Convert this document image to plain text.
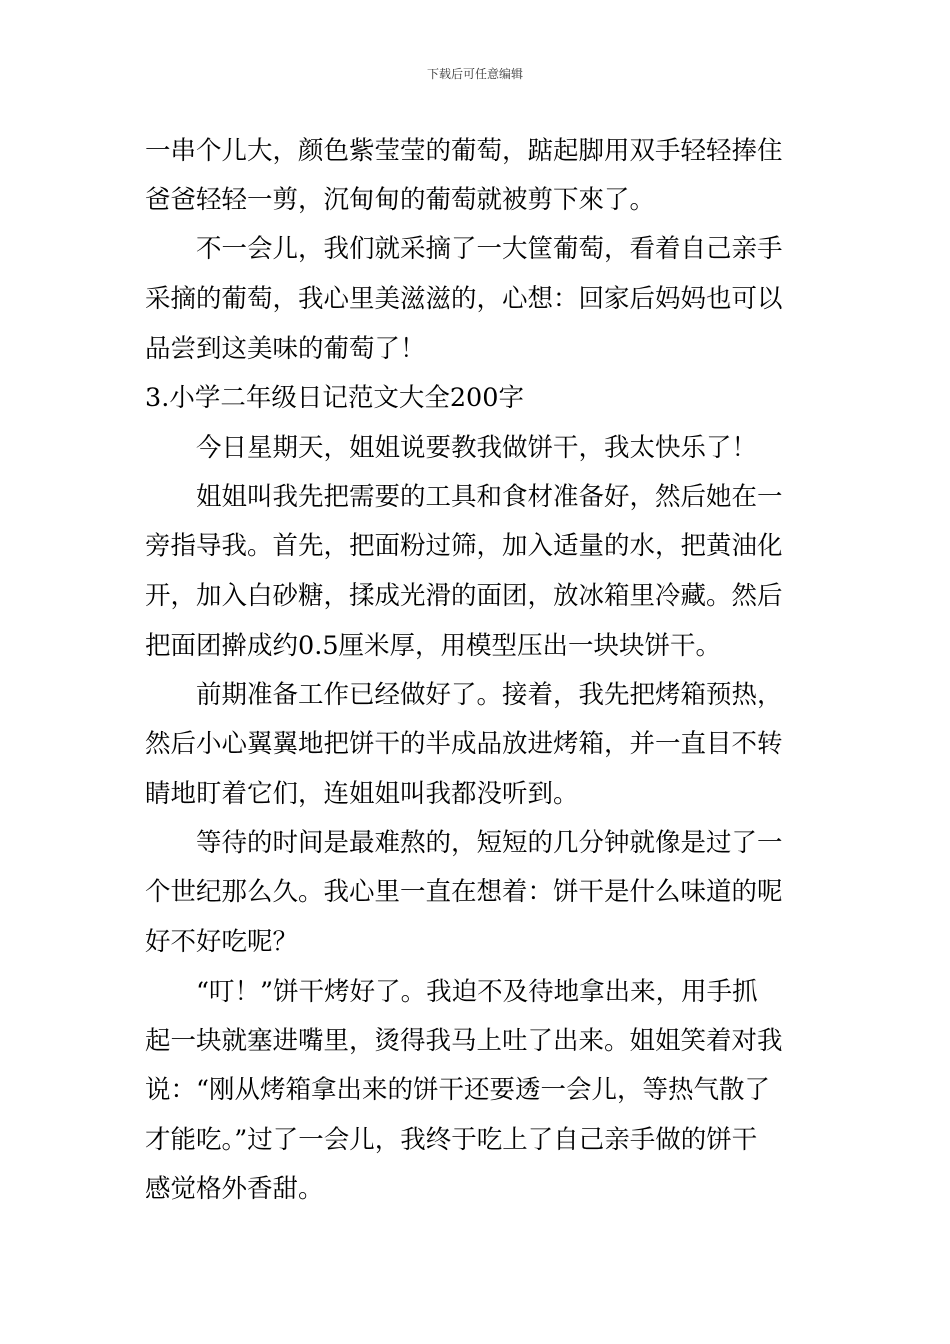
下载后可任意编辑
一串个儿大，颜色紫莹莹的葡萄，踮起脚用双手轻轻捧住
爸爸轻轻一剪，沉甸甸的葡萄就被剪下來了。
　　不一会儿，我们就采摘了一大筐葡萄，看着自己亲手
采摘的葡萄，我心里美滋滋的，心想：回家后妈妈也可以
品尝到这美味的葡萄了！
3.小学二年级日记范文大全200字
　　今日星期天，姐姐说要教我做饼干，我太快乐了！
　　姐姐叫我先把需要的工具和食材准备好，然后她在一
旁指导我。首先，把面粉过筛，加入适量的水，把黄油化
开，加入白砂糖，揉成光滑的面团，放冰箱里冷藏。然后
把面团擀成约0.5厘米厚，用模型压出一块块饼干。
　　前期准备工作已经做好了。接着，我先把烤箱预热，
然后小心翼翼地把饼干的半成品放进烤箱，并一直目不转
睛地盯着它们，连姐姐叫我都没听到。
　　等待的时间是最难熬的，短短的几分钟就像是过了一
个世纪那么久。我心里一直在想着：饼干是什么味道的呢
好不好吃呢？
　　“叮！”饼干烤好了。我迫不及待地拿出来，用手抓
起一块就塞进嘴里，烫得我马上吐了出来。姐姐笑着对我
说：“刚从烤箱拿出来的饼干还要透一会儿，等热气散了
才能吃。”过了一会儿，我终于吃上了自己亲手做的饼干
感觉格外香甜。
